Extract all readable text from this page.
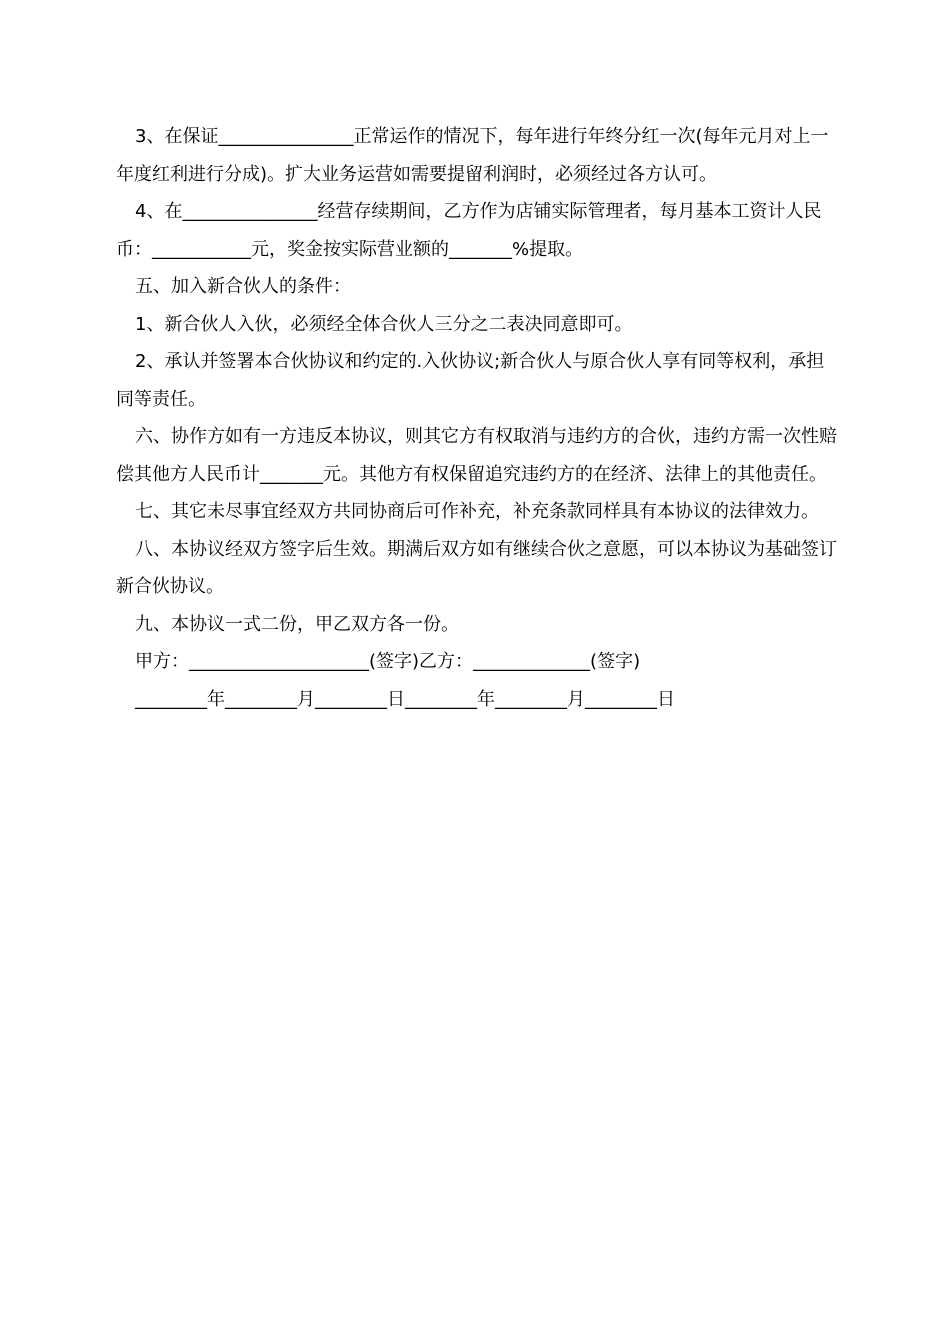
3、在保证_______________正常运作的情况下，每年进行年终分红一次(每年元月对上一年度红利进行分成)。扩大业务运营如需要提留利润时，必须经过各方认可。

4、在_______________经营存续期间，乙方作为店铺实际管理者，每月基本工资计人民币：___________元，奖金按实际营业额的_______%提取。

五、加入新合伙人的条件：

1、新合伙人入伙，必须经全体合伙人三分之二表决同意即可。

2、承认并签署本合伙协议和约定的.入伙协议;新合伙人与原合伙人享有同等权利，承担同等责任。

六、协作方如有一方违反本协议，则其它方有权取消与违约方的合伙，违约方需一次性赔偿其他方人民币计_______元。其他方有权保留追究违约方的在经济、法律上的其他责任。

七、其它未尽事宜经双方共同协商后可作补充，补充条款同样具有本协议的法律效力。

八、本协议经双方签字后生效。期满后双方如有继续合伙之意愿，可以本协议为基础签订新合伙协议。

九、本协议一式二份，甲乙双方各一份。

甲方：____________________(签字)乙方：_____________(签字)

________年________月________日________年________月________日
